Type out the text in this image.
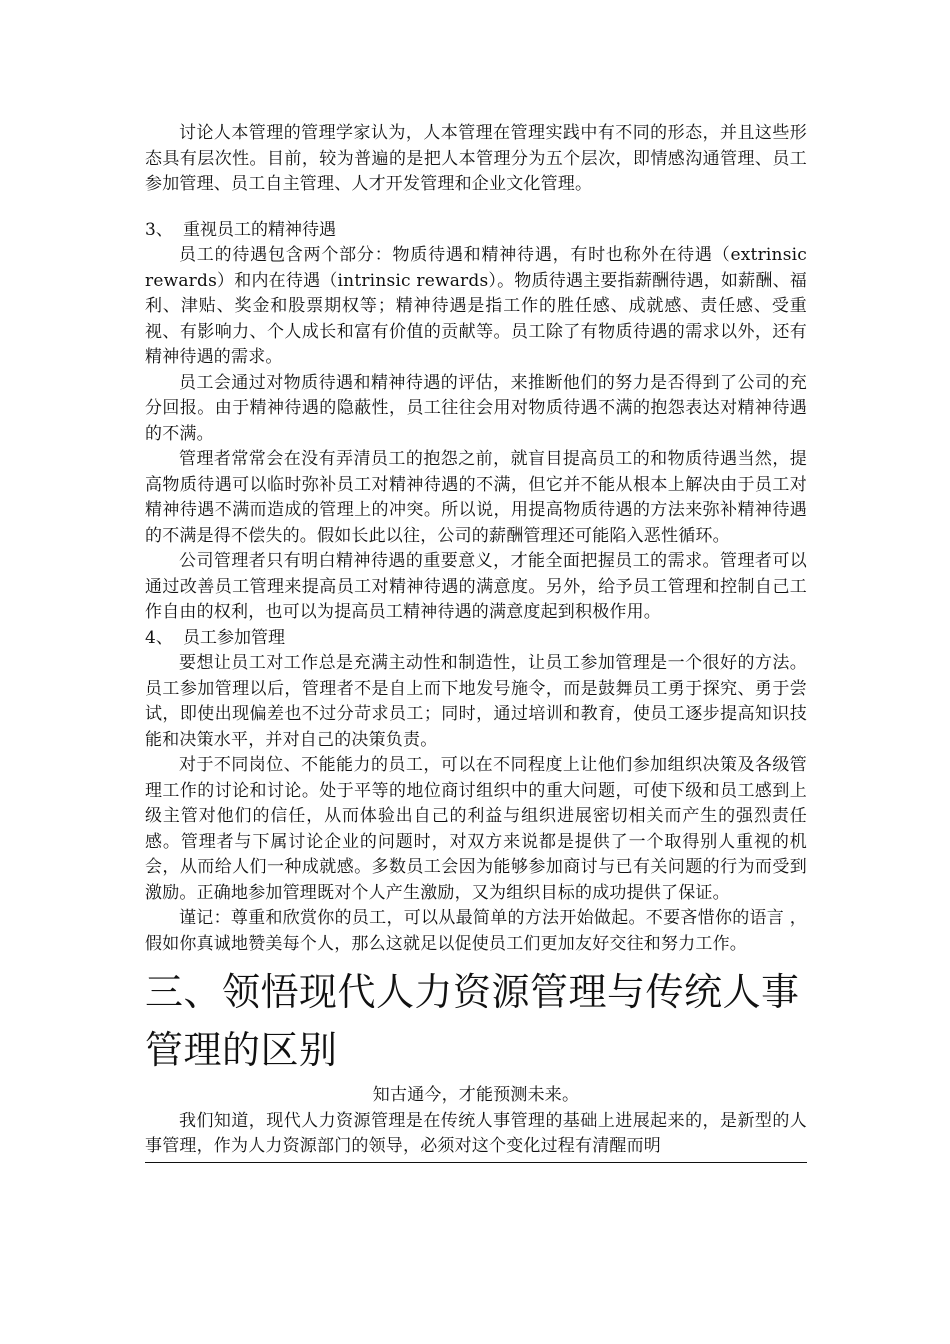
讨论人本管理的管理学家认为，人本管理在管理实践中有不同的形态，并且这些形态具有层次性。目前，较为普遍的是把人本管理分为五个层次，即情感沟通管理、员工参加管理、员工自主管理、人才开发管理和企业文化管理。

3、 重视员工的精神待遇

员工的待遇包含两个部分：物质待遇和精神待遇，有时也称外在待遇（extrinsic rewards）和内在待遇（intrinsic rewards）。物质待遇主要指薪酬待遇，如薪酬、福利、津贴、奖金和股票期权等；精神待遇是指工作的胜任感、成就感、责任感、受重视、有影响力、个人成长和富有价值的贡献等。员工除了有物质待遇的需求以外，还有精神待遇的需求。

员工会通过对物质待遇和精神待遇的评估，来推断他们的努力是否得到了公司的充分回报。由于精神待遇的隐蔽性，员工往往会用对物质待遇不满的抱怨表达对精神待遇的不满。

管理者常常会在没有弄清员工的抱怨之前，就盲目提高员工的和物质待遇当然，提高物质待遇可以临时弥补员工对精神待遇的不满，但它并不能从根本上解决由于员工对精神待遇不满而造成的管理上的冲突。所以说，用提高物质待遇的方法来弥补精神待遇的不满是得不偿失的。假如长此以往，公司的薪酬管理还可能陷入恶性循环。

公司管理者只有明白精神待遇的重要意义，才能全面把握员工的需求。管理者可以通过改善员工管理来提高员工对精神待遇的满意度。另外，给予员工管理和控制自己工作自由的权利，也可以为提高员工精神待遇的满意度起到积极作用。

4、 员工参加管理

要想让员工对工作总是充满主动性和制造性，让员工参加管理是一个很好的方法。员工参加管理以后，管理者不是自上而下地发号施令，而是鼓舞员工勇于探究、勇于尝试，即使出现偏差也不过分苛求员工；同时，通过培训和教育，使员工逐步提高知识技能和决策水平，并对自己的决策负责。

对于不同岗位、不能能力的员工，可以在不同程度上让他们参加组织决策及各级管理工作的讨论和讨论。处于平等的地位商讨组织中的重大问题，可使下级和员工感到上级主管对他们的信任，从而体验出自己的利益与组织进展密切相关而产生的强烈责任感。管理者与下属讨论企业的问题时，对双方来说都是提供了一个取得别人重视的机会，从而给人们一种成就感。多数员工会因为能够参加商讨与已有关问题的行为而受到激励。正确地参加管理既对个人产生激励，又为组织目标的成功提供了保证。

谨记：尊重和欣赏你的员工，可以从最简单的方法开始做起。不要吝惜你的语言 ，假如你真诚地赞美每个人，那么这就足以促使员工们更加友好交往和努力工作。

三、领悟现代人力资源管理与传统人事管理的区别

知古通今，才能预测未来。

我们知道，现代人力资源管理是在传统人事管理的基础上进展起来的，是新型的人事管理，作为人力资源部门的领导，必须对这个变化过程有清醒而明
